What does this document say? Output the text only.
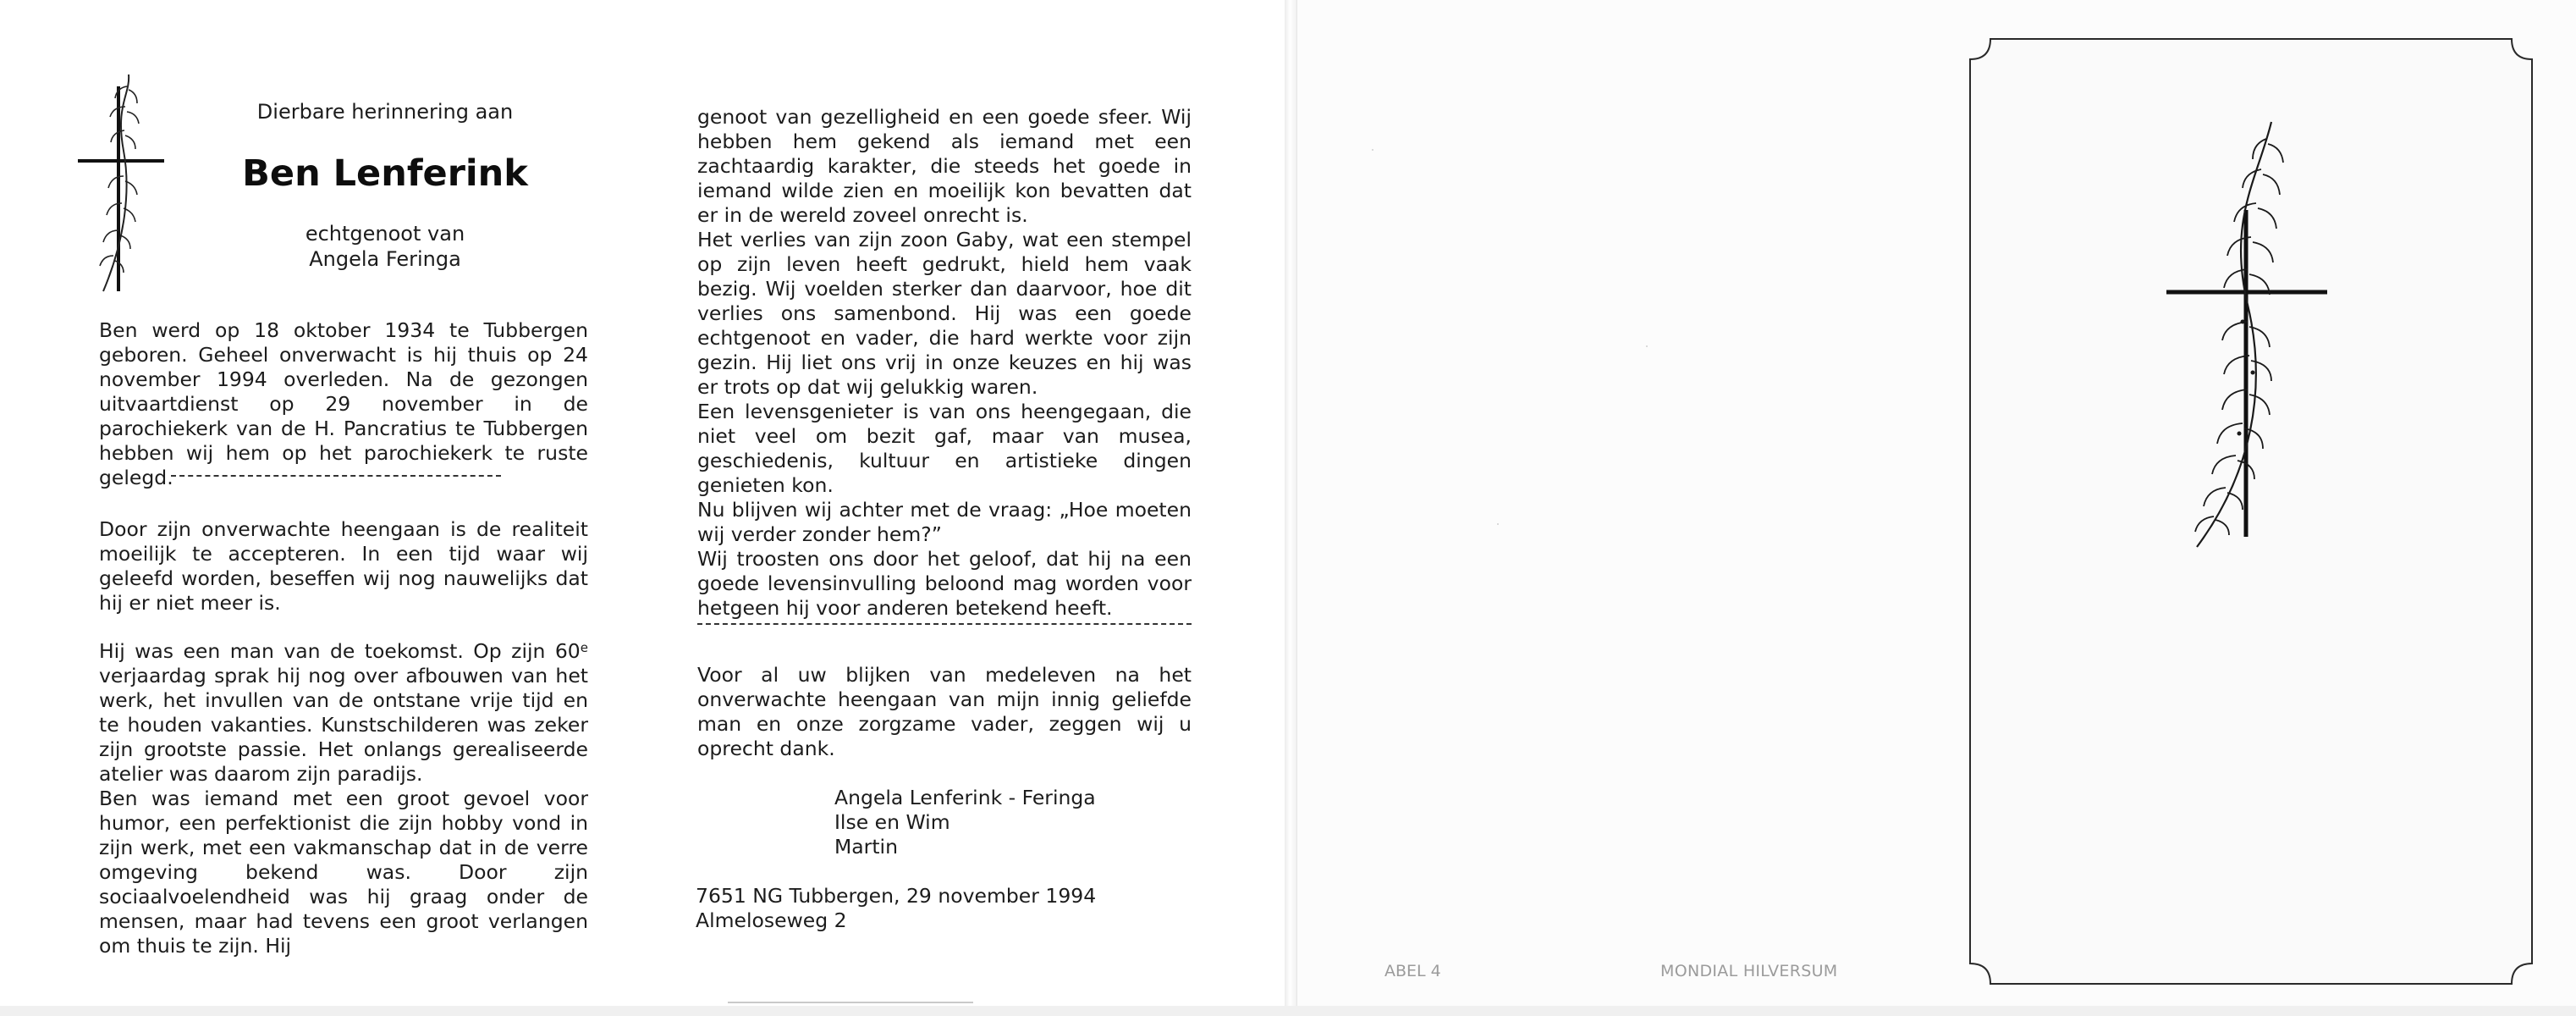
Dierbare herinnering aan
Ben Lenferink
echtgenoot van
Angela Feringa

Ben werd op 18 oktober 1934 te Tubbergen geboren. Geheel onverwacht is hij thuis op 24 november 1994 overleden. Na de gezongen uitvaartdienst op 29 november in de parochiekerk van de H. Pancratius te Tubbergen hebben wij hem op het parochiekerk te ruste gelegd.

Door zijn onverwachte heengaan is de realiteit moeilijk te accepteren. In een tijd waar wij geleefd worden, beseffen wij nog nauwelijks dat hij er niet meer is.

Hij was een man van de toekomst. Op zijn 60e verjaardag sprak hij nog over afbouwen van het werk, het invullen van de ontstane vrije tijd en te houden vakanties. Kunstschilderen was zeker zijn grootste passie. Het onlangs gerealiseerde atelier was daarom zijn paradijs.
Ben was iemand met een groot gevoel voor humor, een perfektionist die zijn hobby vond in zijn werk, met een vakmanschap dat in de verre omgeving bekend was. Door zijn sociaalvoelendheid was hij graag onder de mensen, maar had tevens een groot verlangen om thuis te zijn. Hij

genoot van gezelligheid en een goede sfeer. Wij hebben hem gekend als iemand met een zachtaardig karakter, die steeds het goede in iemand wilde zien en moeilijk kon bevatten dat er in de wereld zoveel onrecht is.
Het verlies van zijn zoon Gaby, wat een stempel op zijn leven heeft gedrukt, hield hem vaak bezig. Wij voelden sterker dan daarvoor, hoe dit verlies ons samenbond. Hij was een goede echtgenoot en vader, die hard werkte voor zijn gezin. Hij liet ons vrij in onze keuzes en hij was er trots op dat wij gelukkig waren.
Een levensgenieter is van ons heengegaan, die niet veel om bezit gaf, maar van musea, geschiedenis, kultuur en artistieke dingen genieten kon.
Nu blijven wij achter met de vraag: „Hoe moeten wij verder zonder hem?”
Wij troosten ons door het geloof, dat hij na een goede levensinvulling beloond mag worden voor hetgeen hij voor anderen betekend heeft.

Voor al uw blijken van medeleven na het onverwachte heengaan van mijn innig geliefde man en onze zorgzame vader, zeggen wij u oprecht dank.

Angela Lenferink - Feringa
Ilse en Wim
Martin
7651 NG Tubbergen, 29 november 1994
Almeloseweg 2
ABEL 4	MONDIAL HILVERSUM
